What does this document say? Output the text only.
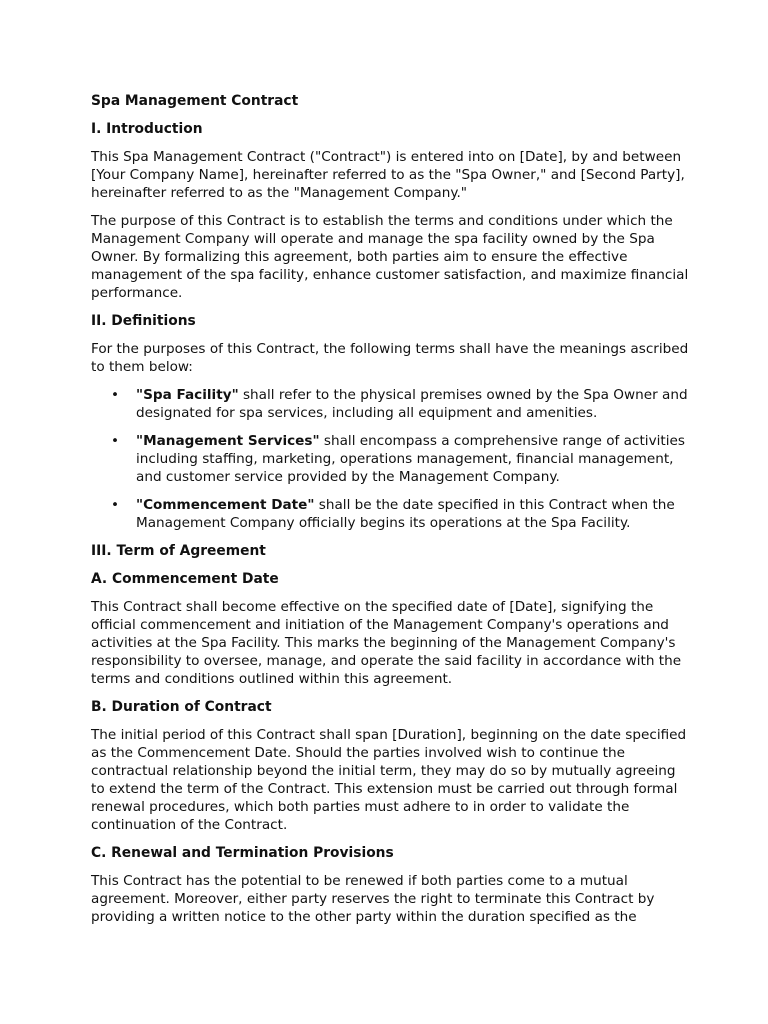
Spa Management Contract
I. Introduction

This Spa Management Contract ("Contract") is entered into on [Date], by and between [Your Company Name], hereinafter referred to as the "Spa Owner," and [Second Party], hereinafter referred to as the "Management Company."

The purpose of this Contract is to establish the terms and conditions under which the Management Company will operate and manage the spa facility owned by the Spa Owner. By formalizing this agreement, both parties aim to ensure the effective management of the spa facility, enhance customer satisfaction, and maximize financial performance.

II. Definitions

For the purposes of this Contract, the following terms shall have the meanings ascribed to them below:

• "Spa Facility" shall refer to the physical premises owned by the Spa Owner and designated for spa services, including all equipment and amenities.
• "Management Services" shall encompass a comprehensive range of activities including staffing, marketing, operations management, financial management, and customer service provided by the Management Company.
• "Commencement Date" shall be the date specified in this Contract when the Management Company officially begins its operations at the Spa Facility.
III. Term of Agreement
A. Commencement Date

This Contract shall become effective on the specified date of [Date], signifying the official commencement and initiation of the Management Company's operations and activities at the Spa Facility. This marks the beginning of the Management Company's responsibility to oversee, manage, and operate the said facility in accordance with the terms and conditions outlined within this agreement.

B. Duration of Contract

The initial period of this Contract shall span [Duration], beginning on the date specified as the Commencement Date. Should the parties involved wish to continue the contractual relationship beyond the initial term, they may do so by mutually agreeing to extend the term of the Contract. This extension must be carried out through formal renewal procedures, which both parties must adhere to in order to validate the continuation of the Contract.

C. Renewal and Termination Provisions

This Contract has the potential to be renewed if both parties come to a mutual agreement. Moreover, either party reserves the right to terminate this Contract by providing a written notice to the other party within the duration specified as the
